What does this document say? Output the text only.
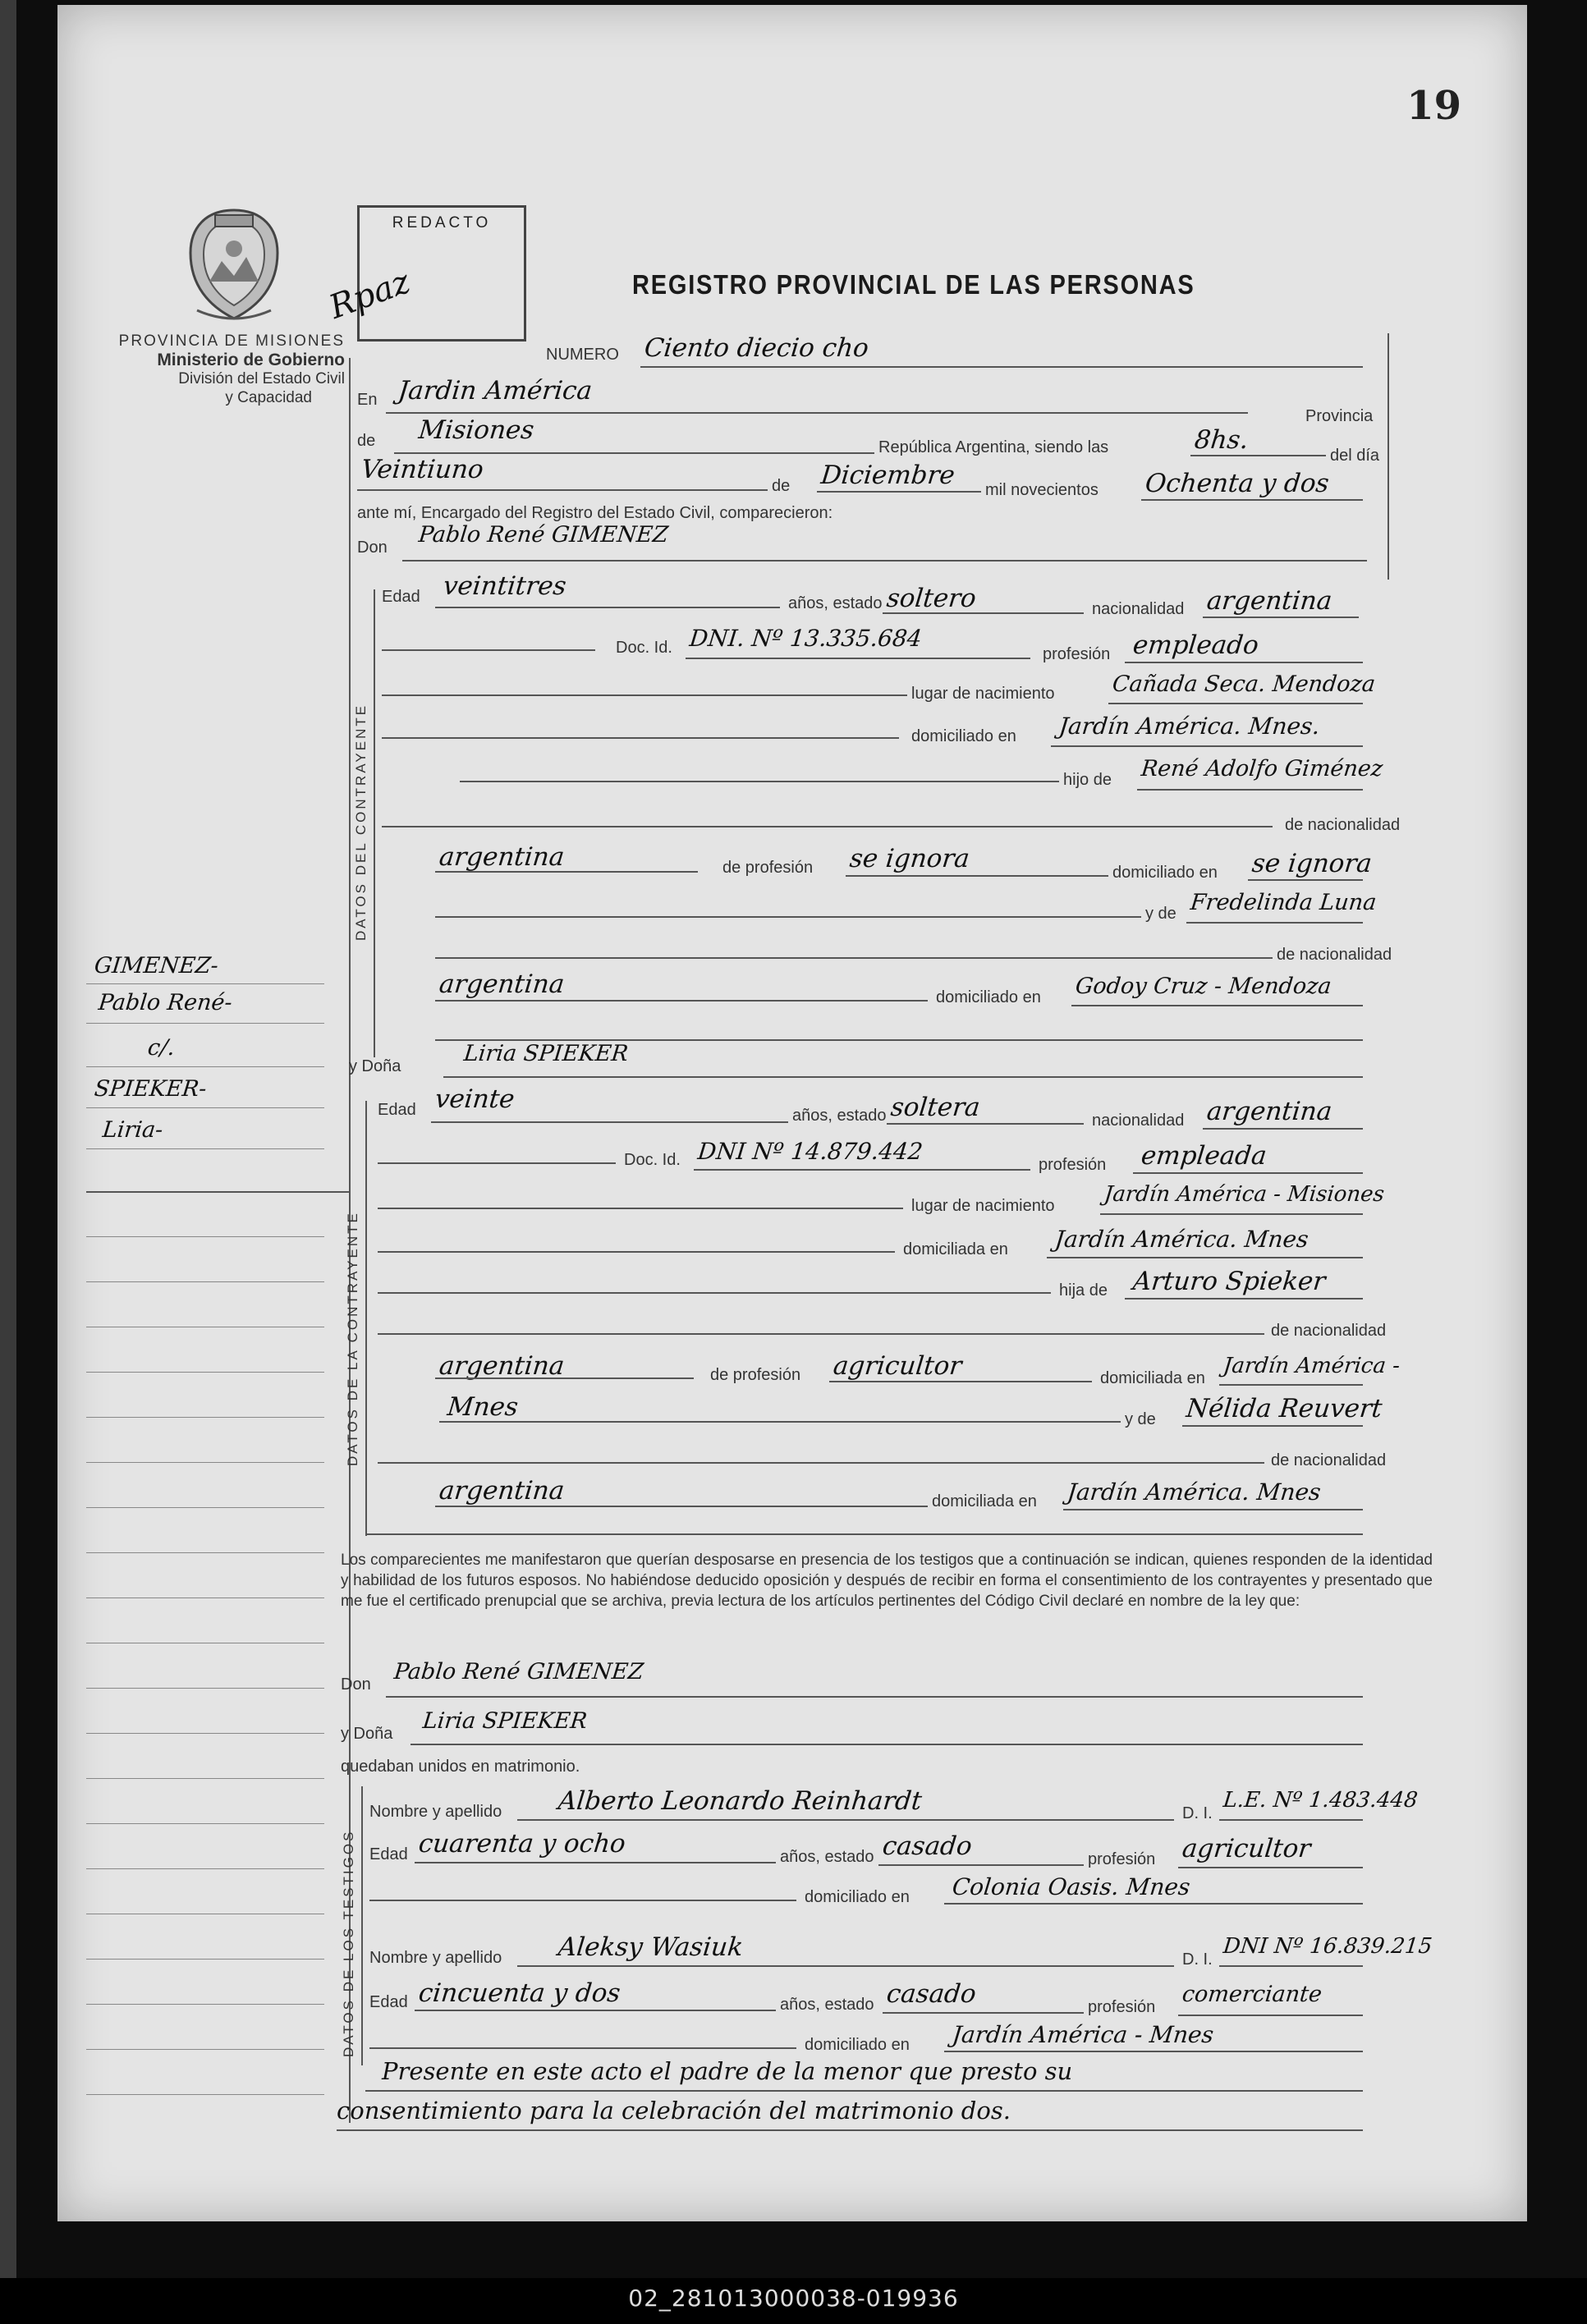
19
PROVINCIA DE MISIONES
Ministerio de Gobierno
División del Estado Civil
y Capacidad
REDACTO
Rpaz	REGISTRO PROVINCIAL DE LAS PERSONAS
NUMERO Ciento diecio cho
En Jardin América
Provincia
de Misiones
República Argentina, siendo las	8hs.
del día
Veintiuno
de Diciembre mil novecientos Ochenta y dos
ante mí, Encargado del Registro del Estado Civil, comparecieron:
Don Pablo René GIMENEZ
DATOS DEL CONTRAYENTE
Edad veintitres
años, estado soltero	nacionalidad argentina
Doc. Id. DNI. Nº 13.335.684
profesión empleado
lugar de nacimiento	Cañada Seca. Mendoza
domiciliado en Jardín América. Mnes.
hijo de René Adolfo Giménez
de nacionalidad
argentina	de profesión se ignora	domiciliado en se ignora
y de Fredelinda Luna
de nacionalidad
argentina	domiciliado en Godoy Cruz - Mendoza
y Doña	Liria SPIEKER
DATOS DE LA CONTRAYENTE
Edad veinte
años, estado soltera	nacionalidad argentina
Doc. Id. DNI Nº 14.879.442	profesión empleada
lugar de nacimiento Jardín América - Misiones
domiciliada en Jardín América. Mnes
hija de Arturo Spieker
de nacionalidad
argentina	de profesión agricultor	domiciliada en Jardín América -
Mnes	y de Nélida Reuvert
de nacionalidad
argentina	domiciliada en Jardín América. Mnes
Los comparecientes me manifestaron que querían desposarse en presencia de los testigos que a continuación se indican, quienes responden de la identidad y habilidad de los futuros esposos. No habiéndose deducido oposición y después de recibir en forma el consentimiento de los contrayentes y presentado que me fue el certificado prenupcial que se archiva, previa lectura de los artículos pertinentes del Código Civil declaré en nombre de la ley que:
Don Pablo René GIMENEZ
y Doña Liria SPIEKER
quedaban unidos en matrimonio.
DATOS DE LOS TESTIGOS
Nombre y apellido Alberto Leonardo Reinhardt	D. I.
L.E. Nº 1.483.448
Edad cuarenta y ocho	años, estado casado	profesión agricultor
domiciliado en Colonia Oasis. Mnes
Nombre y apellido Aleksy Wasiuk	D. I.
DNI Nº 16.839.215
Edad cincuenta y dos	años, estado casado	profesión comerciante
domiciliado en Jardín América - Mnes
Presente en este acto el padre de la menor que presto su
consentimiento para la celebración del matrimonio dos.
GIMENEZ-
Pablo René-
c/.
SPIEKER-
Liria-
02_281013000038-019936
